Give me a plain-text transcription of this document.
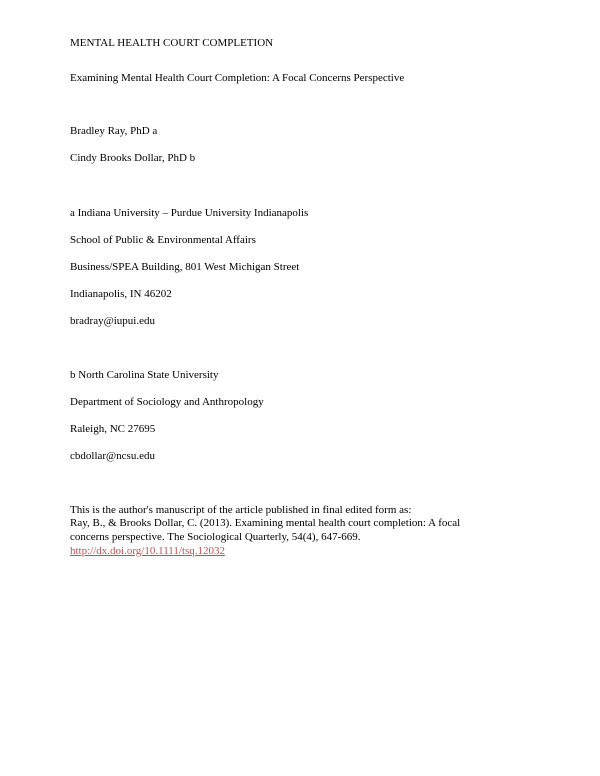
MENTAL HEALTH COURT COMPLETION

Examining Mental Health Court Completion: A Focal Concerns Perspective

Bradley Ray, PhD a

Cindy Brooks Dollar, PhD b

a Indiana University – Purdue University Indianapolis

School of Public & Environmental Affairs

Business/SPEA Building, 801 West Michigan Street

Indianapolis, IN 46202

bradray@iupui.edu

b North Carolina State University

Department of Sociology and Anthropology

Raleigh, NC 27695

cbdollar@ncsu.edu

This is the author's manuscript of the article published in final edited form as:

Ray, B., & Brooks Dollar, C. (2013). Examining mental health court completion: A focal

concerns perspective. The Sociological Quarterly, 54(4), 647-669.

http://dx.doi.org/10.1111/tsq.12032
